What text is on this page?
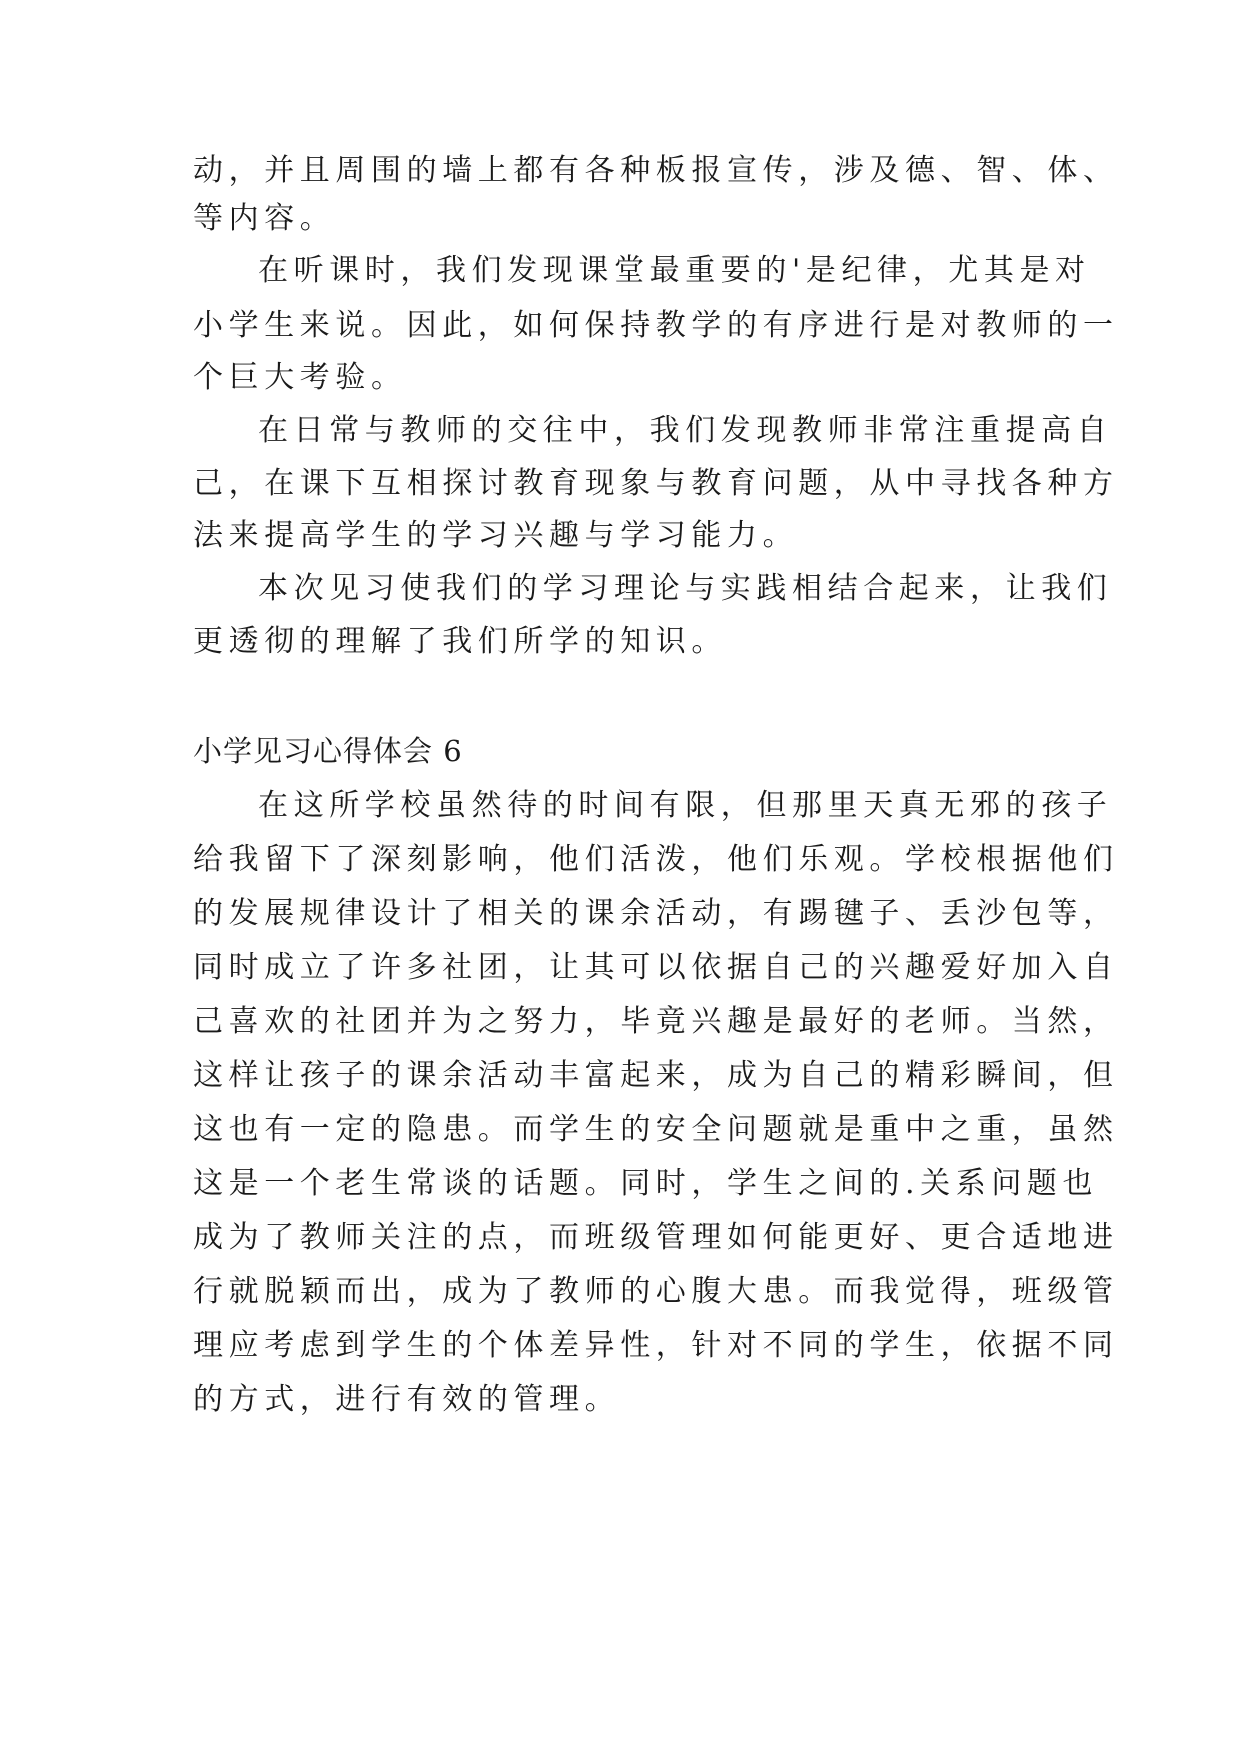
动，并且周围的墙上都有各种板报宣传，涉及德、智、体、
等内容。
在听课时，我们发现课堂最重要的'是纪律，尤其是对
小学生来说。因此，如何保持教学的有序进行是对教师的一
个巨大考验。
在日常与教师的交往中，我们发现教师非常注重提高自
己，在课下互相探讨教育现象与教育问题，从中寻找各种方
法来提高学生的学习兴趣与学习能力。
本次见习使我们的学习理论与实践相结合起来，让我们
更透彻的理解了我们所学的知识。
小学见习心得体会 6
在这所学校虽然待的时间有限，但那里天真无邪的孩子
给我留下了深刻影响，他们活泼，他们乐观。学校根据他们
的发展规律设计了相关的课余活动，有踢毽子、丢沙包等，
同时成立了许多社团，让其可以依据自己的兴趣爱好加入自
己喜欢的社团并为之努力，毕竟兴趣是最好的老师。当然，
这样让孩子的课余活动丰富起来，成为自己的精彩瞬间，但
这也有一定的隐患。而学生的安全问题就是重中之重，虽然
这是一个老生常谈的话题。同时，学生之间的.关系问题也
成为了教师关注的点，而班级管理如何能更好、更合适地进
行就脱颖而出，成为了教师的心腹大患。而我觉得，班级管
理应考虑到学生的个体差异性，针对不同的学生，依据不同
的方式，进行有效的管理。
